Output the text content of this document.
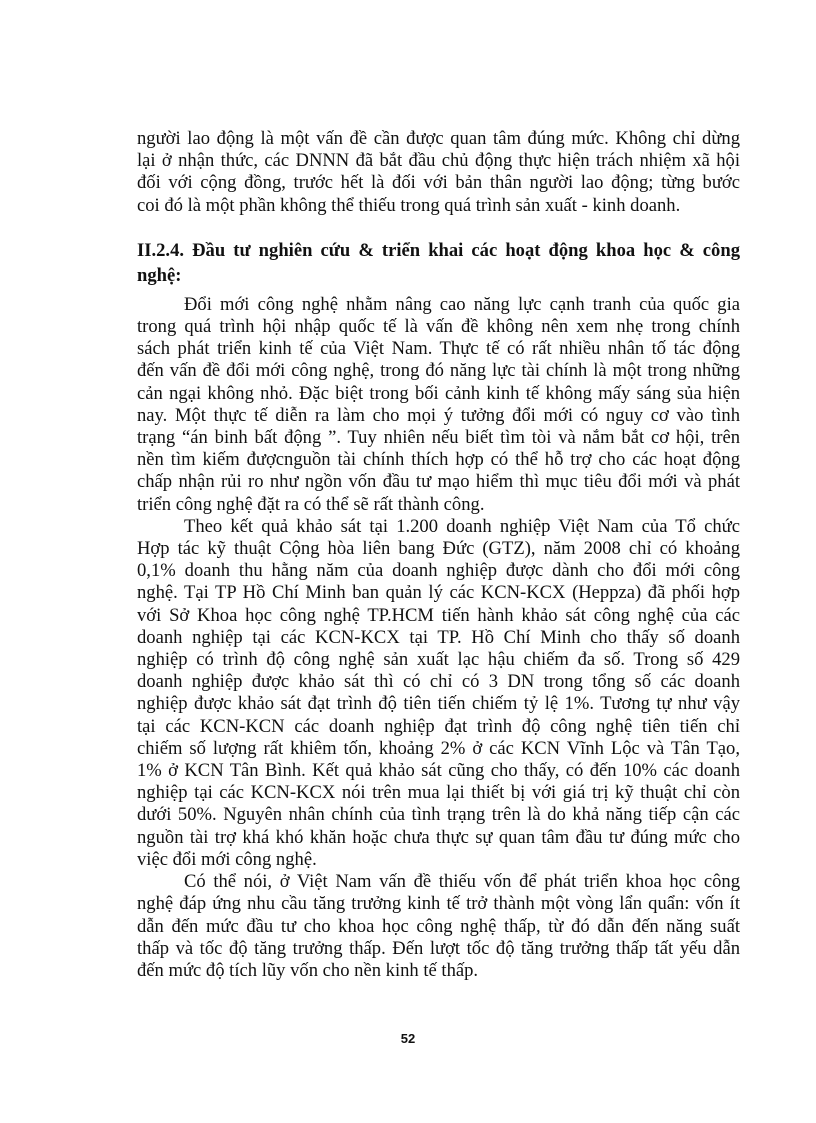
người lao động là một vấn đề cần được quan tâm đúng mức. Không chỉ dừng
lại ở nhận thức, các DNNN đã bắt đầu chủ động thực hiện trách nhiệm xã hội
đối với cộng đồng, trước hết là đối với bản thân người lao động; từng bước
coi đó là một phần không thể thiếu trong quá trình sản xuất - kinh doanh.

II.2.4. Đầu tư nghiên cứu & triển khai các hoạt động khoa học & công
nghệ:

Đổi mới công nghệ nhằm nâng cao năng lực cạnh tranh của quốc gia
trong quá trình hội nhập quốc tế là vấn đề không nên xem nhẹ trong chính
sách phát triển kinh tế của Việt Nam. Thực tế có rất nhiều nhân tố tác động
đến vấn đề đổi mới công nghệ, trong đó năng lực tài chính là một trong những
cản ngại không nhỏ. Đặc biệt trong bối cảnh kinh tế không mấy sáng sủa hiện
nay. Một thực tế diễn ra làm cho mọi ý tưởng đổi mới có nguy cơ vào tình
trạng “án binh bất động ”. Tuy nhiên nếu biết tìm tòi và nắm bắt cơ hội, trên
nền tìm kiếm đượcnguồn tài chính thích hợp có thể hỗ trợ cho các hoạt động
chấp nhận rủi ro như ngồn vốn đầu tư mạo hiểm thì mục tiêu đổi mới và phát
triển công nghệ đặt ra có thể sẽ rất thành công.

Theo kết quả khảo sát tại 1.200 doanh nghiệp Việt Nam của Tổ chức
Hợp tác kỹ thuật Cộng hòa liên bang Đức (GTZ), năm 2008 chỉ có khoảng
0,1% doanh thu hằng năm của doanh nghiệp được dành cho đổi mới công
nghệ. Tại TP Hồ Chí Minh ban quản lý các KCN-KCX (Heppza) đã phối hợp
với Sở Khoa học công nghệ TP.HCM tiến hành khảo sát công nghệ của các
doanh nghiệp tại các KCN-KCX tại TP. Hồ Chí Minh cho thấy số doanh
nghiệp có trình độ công nghệ sản xuất lạc hậu chiếm đa số. Trong số 429
doanh nghiệp được khảo sát thì có chỉ có 3 DN trong tổng số các doanh
nghiệp được khảo sát đạt trình độ tiên tiến chiếm tỷ lệ 1%. Tương tự như vậy
tại các KCN-KCN các doanh nghiệp đạt trình độ công nghệ tiên tiến chỉ
chiếm số lượng rất khiêm tốn, khoảng 2% ở các KCN Vĩnh Lộc và Tân Tạo,
1% ở KCN Tân Bình. Kết quả khảo sát cũng cho thấy, có đến 10% các doanh
nghiệp tại các KCN-KCX nói trên mua lại thiết bị với giá trị kỹ thuật chỉ còn
dưới 50%. Nguyên nhân chính của tình trạng trên là do khả năng tiếp cận các
nguồn tài trợ khá khó khăn hoặc chưa thực sự quan tâm đầu tư đúng mức cho
việc đổi mới công nghệ.

Có thể nói, ở Việt Nam vấn đề thiếu vốn để phát triển khoa học công
nghệ đáp ứng nhu cầu tăng trưởng kinh tế trở thành một vòng lẩn quẩn: vốn ít
dẫn đến mức đầu tư cho khoa học công nghệ thấp, từ đó dẫn đến năng suất
thấp và tốc độ tăng trưởng thấp. Đến lượt tốc độ tăng trưởng thấp tất yếu dẫn
đến mức độ tích lũy vốn cho nền kinh tế thấp.

52
